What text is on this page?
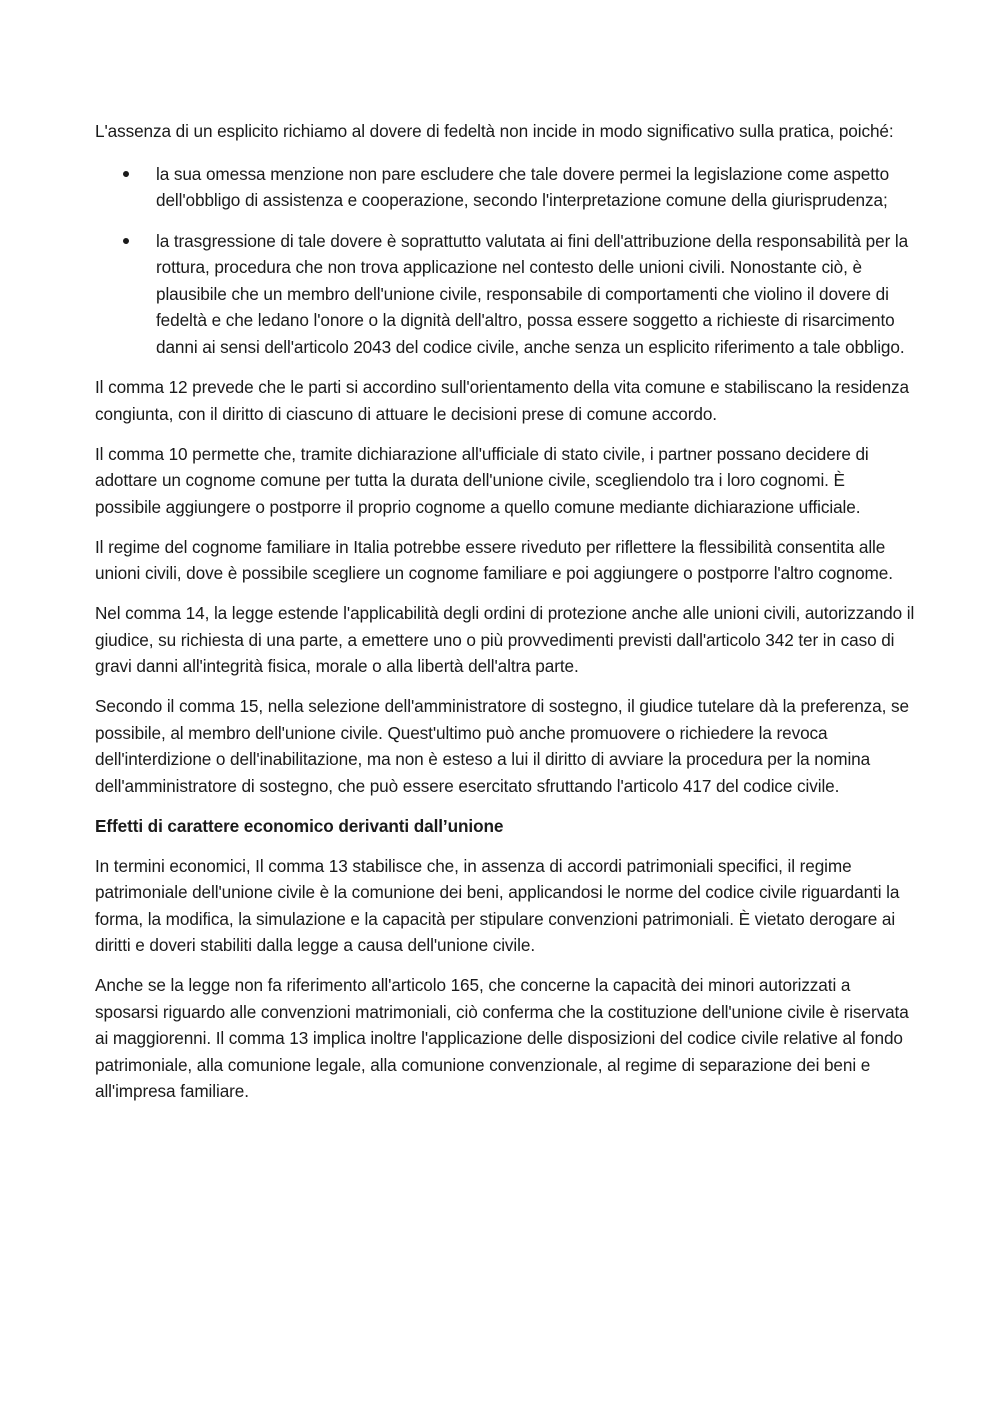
L'assenza di un esplicito richiamo al dovere di fedeltà non incide in modo significativo sulla pratica, poiché:

la sua omessa menzione non pare escludere che tale dovere permei la legislazione come aspetto dell'obbligo di assistenza e cooperazione, secondo l'interpretazione comune della giurisprudenza;
la trasgressione di tale dovere è soprattutto valutata ai fini dell'attribuzione della responsabilità per la rottura, procedura che non trova applicazione nel contesto delle unioni civili. Nonostante ciò, è plausibile che un membro dell'unione civile, responsabile di comportamenti che violino il dovere di fedeltà e che ledano l'onore o la dignità dell'altro, possa essere soggetto a richieste di risarcimento danni ai sensi dell'articolo 2043 del codice civile, anche senza un esplicito riferimento a tale obbligo.

Il comma 12 prevede che le parti si accordino sull'orientamento della vita comune e stabiliscano la residenza congiunta, con il diritto di ciascuno di attuare le decisioni prese di comune accordo.

Il comma 10 permette che, tramite dichiarazione all'ufficiale di stato civile, i partner possano decidere di adottare un cognome comune per tutta la durata dell'unione civile, scegliendolo tra i loro cognomi. È possibile aggiungere o postporre il proprio cognome a quello comune mediante dichiarazione ufficiale.

Il regime del cognome familiare in Italia potrebbe essere riveduto per riflettere la flessibilità consentita alle unioni civili, dove è possibile scegliere un cognome familiare e poi aggiungere o postporre l'altro cognome.

Nel comma 14, la legge estende l'applicabilità degli ordini di protezione anche alle unioni civili, autorizzando il giudice, su richiesta di una parte, a emettere uno o più provvedimenti previsti dall'articolo 342 ter in caso di gravi danni all'integrità fisica, morale o alla libertà dell'altra parte.

Secondo il comma 15, nella selezione dell'amministratore di sostegno, il giudice tutelare dà la preferenza, se possibile, al membro dell'unione civile. Quest'ultimo può anche promuovere o richiedere la revoca dell'interdizione o dell'inabilitazione, ma non è esteso a lui il diritto di avviare la procedura per la nomina dell'amministratore di sostegno, che può essere esercitato sfruttando l'articolo 417 del codice civile.

Effetti di carattere economico derivanti dall’unione

In termini economici, Il comma 13 stabilisce che, in assenza di accordi patrimoniali specifici, il regime patrimoniale dell'unione civile è la comunione dei beni, applicandosi le norme del codice civile riguardanti la forma, la modifica, la simulazione e la capacità per stipulare convenzioni patrimoniali. È vietato derogare ai diritti e doveri stabiliti dalla legge a causa dell'unione civile.

Anche se la legge non fa riferimento all'articolo 165, che concerne la capacità dei minori autorizzati a sposarsi riguardo alle convenzioni matrimoniali, ciò conferma che la costituzione dell'unione civile è riservata ai maggiorenni. Il comma 13 implica inoltre l'applicazione delle disposizioni del codice civile relative al fondo patrimoniale, alla comunione legale, alla comunione convenzionale, al regime di separazione dei beni e all'impresa familiare.
